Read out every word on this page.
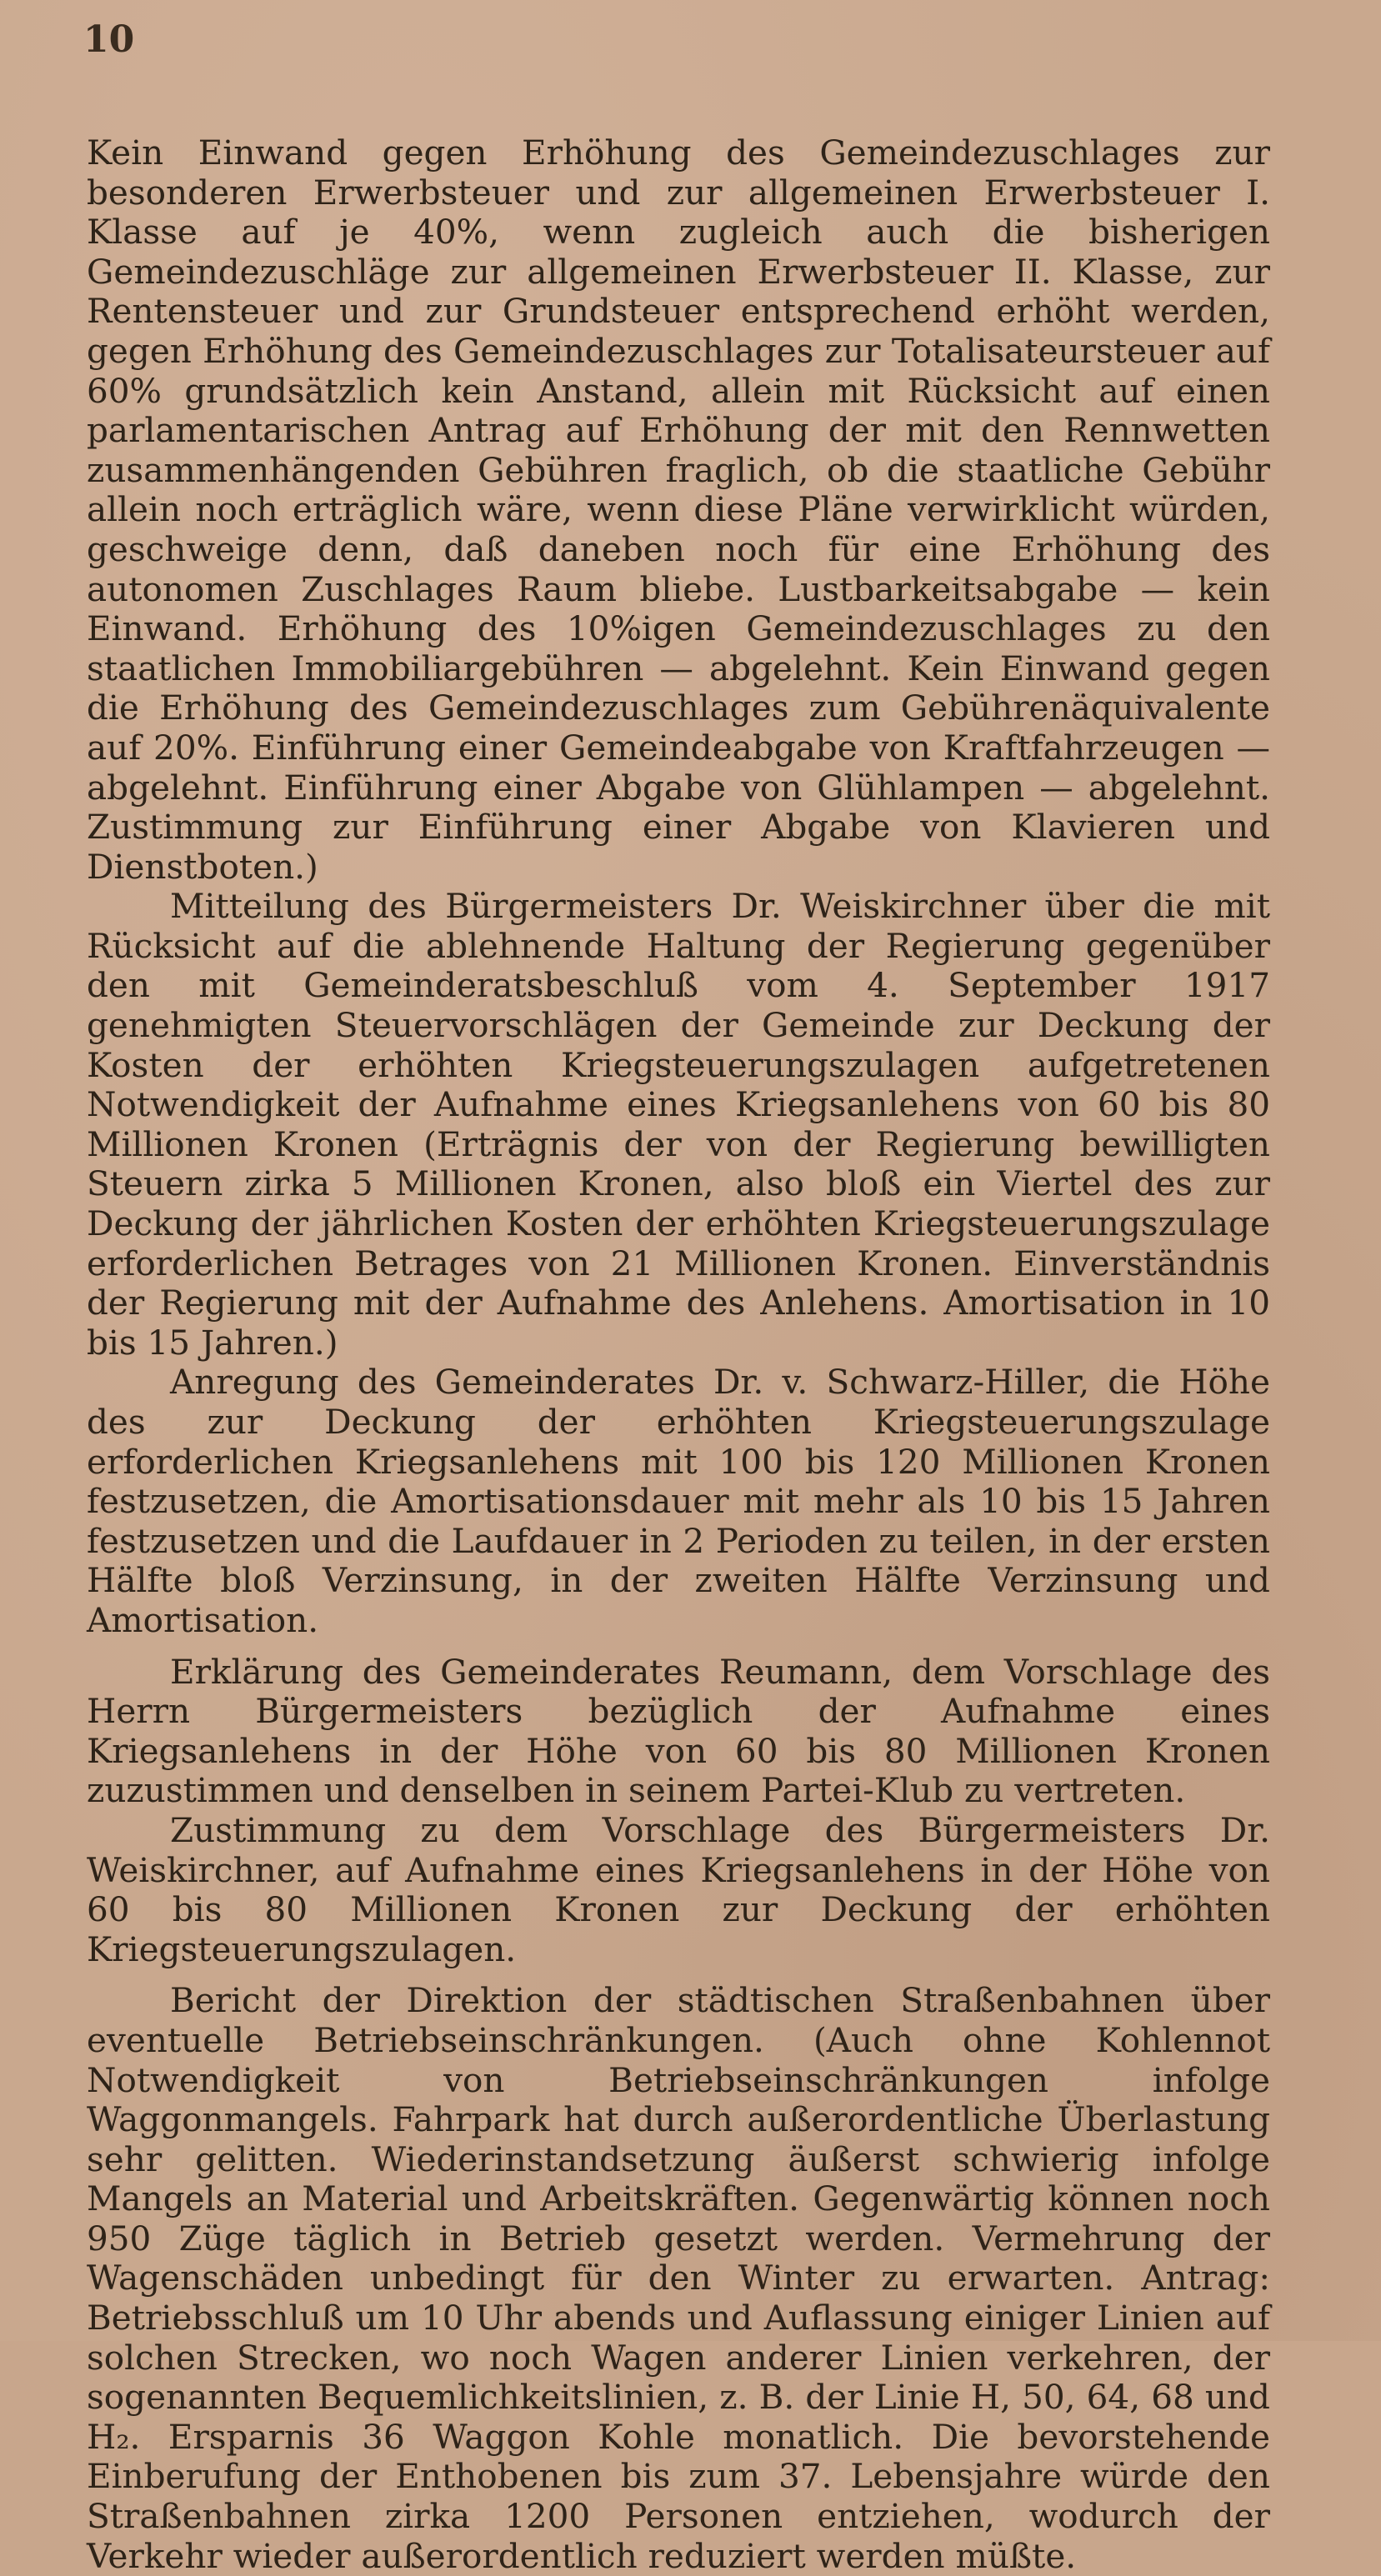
10

Kein Einwand gegen Erhöhung des Gemeindezuschlages zur besonderen Erwerbsteuer und zur allgemeinen Erwerbsteuer I. Klasse auf je 40%, wenn zugleich auch die bisherigen Gemeindezuschläge zur allgemeinen Erwerbsteuer II. Klasse, zur Rentensteuer und zur Grundsteuer entsprechend erhöht werden, gegen Erhöhung des Gemeindezuschlages zur Totalisateursteuer auf 60% grundsätzlich kein Anstand, allein mit Rücksicht auf einen parlamentarischen Antrag auf Erhöhung der mit den Rennwetten zusammenhängenden Gebühren fraglich, ob die staatliche Gebühr allein noch erträglich wäre, wenn diese Pläne verwirklicht würden, geschweige denn, daß daneben noch für eine Erhöhung des autonomen Zuschlages Raum bliebe. Lustbarkeitsabgabe — kein Einwand. Erhöhung des 10%igen Gemeindezuschlages zu den staatlichen Immobiliargebühren — abgelehnt. Kein Einwand gegen die Erhöhung des Gemeindezuschlages zum Gebührenäquivalente auf 20%. Einführung einer Gemeindeabgabe von Kraftfahrzeugen — abgelehnt. Einführung einer Abgabe von Glühlampen — abgelehnt. Zustimmung zur Einführung einer Abgabe von Klavieren und Dienstboten.)

Mitteilung des Bürgermeisters Dr. Weiskirchner über die mit Rücksicht auf die ablehnende Haltung der Regierung gegenüber den mit Gemeinderatsbeschluß vom 4. September 1917 genehmigten Steuervorschlägen der Gemeinde zur Deckung der Kosten der erhöhten Kriegsteuerungszulagen aufgetretenen Notwendigkeit der Aufnahme eines Kriegsanlehens von 60 bis 80 Millionen Kronen (Erträgnis der von der Regierung bewilligten Steuern zirka 5 Millionen Kronen, also bloß ein Viertel des zur Deckung der jährlichen Kosten der erhöhten Kriegsteuerungszulage erforderlichen Betrages von 21 Millionen Kronen. Einverständnis der Regierung mit der Aufnahme des Anlehens. Amortisation in 10 bis 15 Jahren.)

Anregung des Gemeinderates Dr. v. Schwarz-Hiller, die Höhe des zur Deckung der erhöhten Kriegsteuerungszulage erforderlichen Kriegsanlehens mit 100 bis 120 Millionen Kronen festzusetzen, die Amortisationsdauer mit mehr als 10 bis 15 Jahren festzusetzen und die Laufdauer in 2 Perioden zu teilen, in der ersten Hälfte bloß Verzinsung, in der zweiten Hälfte Verzinsung und Amortisation.

Erklärung des Gemeinderates Reumann, dem Vorschlage des Herrn Bürgermeisters bezüglich der Aufnahme eines Kriegsanlehens in der Höhe von 60 bis 80 Millionen Kronen zuzustimmen und denselben in seinem Partei-Klub zu vertreten.

Zustimmung zu dem Vorschlage des Bürgermeisters Dr. Weiskirchner, auf Aufnahme eines Kriegsanlehens in der Höhe von 60 bis 80 Millionen Kronen zur Deckung der erhöhten Kriegsteuerungszulagen.

Bericht der Direktion der städtischen Straßenbahnen über eventuelle Betriebseinschränkungen. (Auch ohne Kohlennot Notwendigkeit von Betriebseinschränkungen infolge Waggonmangels. Fahrpark hat durch außerordentliche Überlastung sehr gelitten. Wiederinstandsetzung äußerst schwierig infolge Mangels an Material und Arbeitskräften. Gegenwärtig können noch 950 Züge täglich in Betrieb gesetzt werden. Vermehrung der Wagenschäden unbedingt für den Winter zu erwarten. Antrag: Betriebsschluß um 10 Uhr abends und Auflassung einiger Linien auf solchen Strecken, wo noch Wagen anderer Linien verkehren, der sogenannten Bequemlichkeitslinien, z. B. der Linie H, 50, 64, 68 und H₂. Ersparnis 36 Waggon Kohle monatlich. Die bevorstehende Einberufung der Enthobenen bis zum 37. Lebensjahre würde den Straßenbahnen zirka 1200 Personen entziehen, wodurch der Verkehr wieder außerordentlich reduziert werden müßte.
